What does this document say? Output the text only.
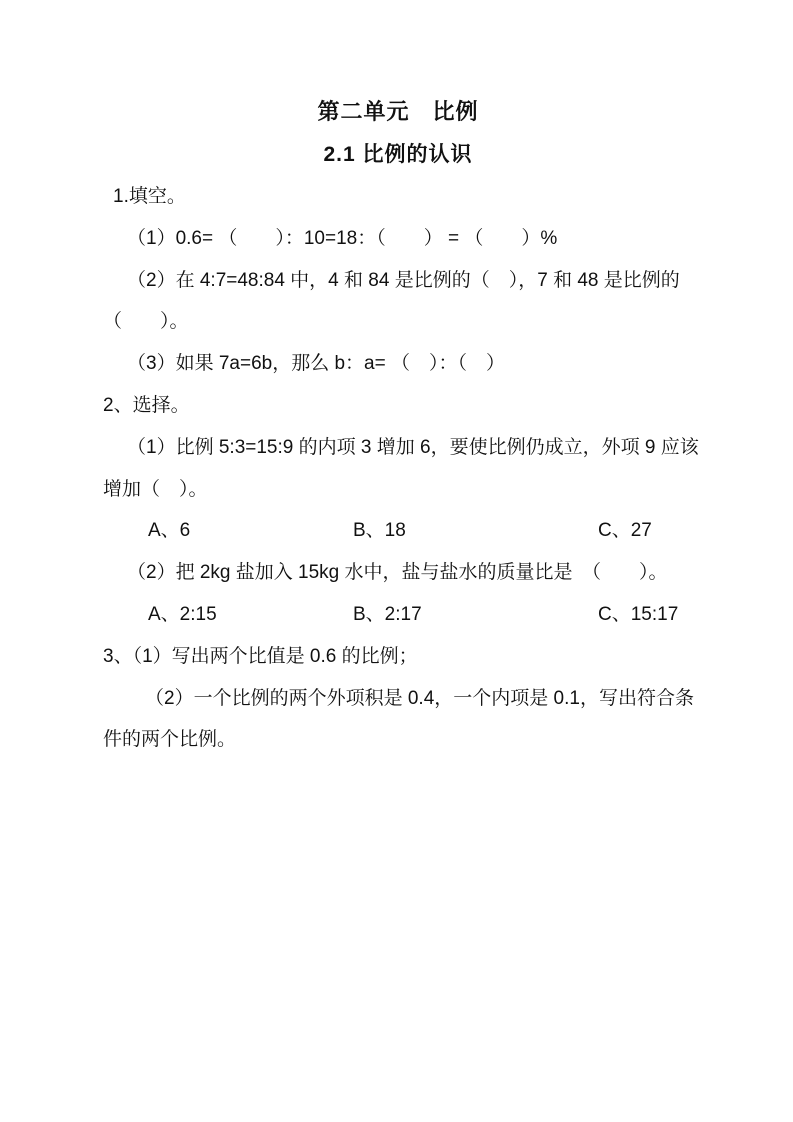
第二单元　比例
2.1 比例的认识
1.填空。
（1）0.6= （　　）：10=18：（　　） = （　　）%
（2）在 4:7=48:84 中，4 和 84 是比例的（　），7 和 48 是比例的
（　　）。
（3）如果 7a=6b，那么 b：a= （　）：（　）
2、选择。
（1）比例 5:3=15:9 的内项 3 增加 6，要使比例仍成立，外项 9 应该
增加（　）。
A、6	B、18	C、27
（2）把 2kg 盐加入 15kg 水中，盐与盐水的质量比是　（　　）。
A、2:15	B、2:17	C、15:17
3、（1）写出两个比值是 0.6 的比例；
（2）一个比例的两个外项积是 0.4，一个内项是 0.1，写出符合条
件的两个比例。
